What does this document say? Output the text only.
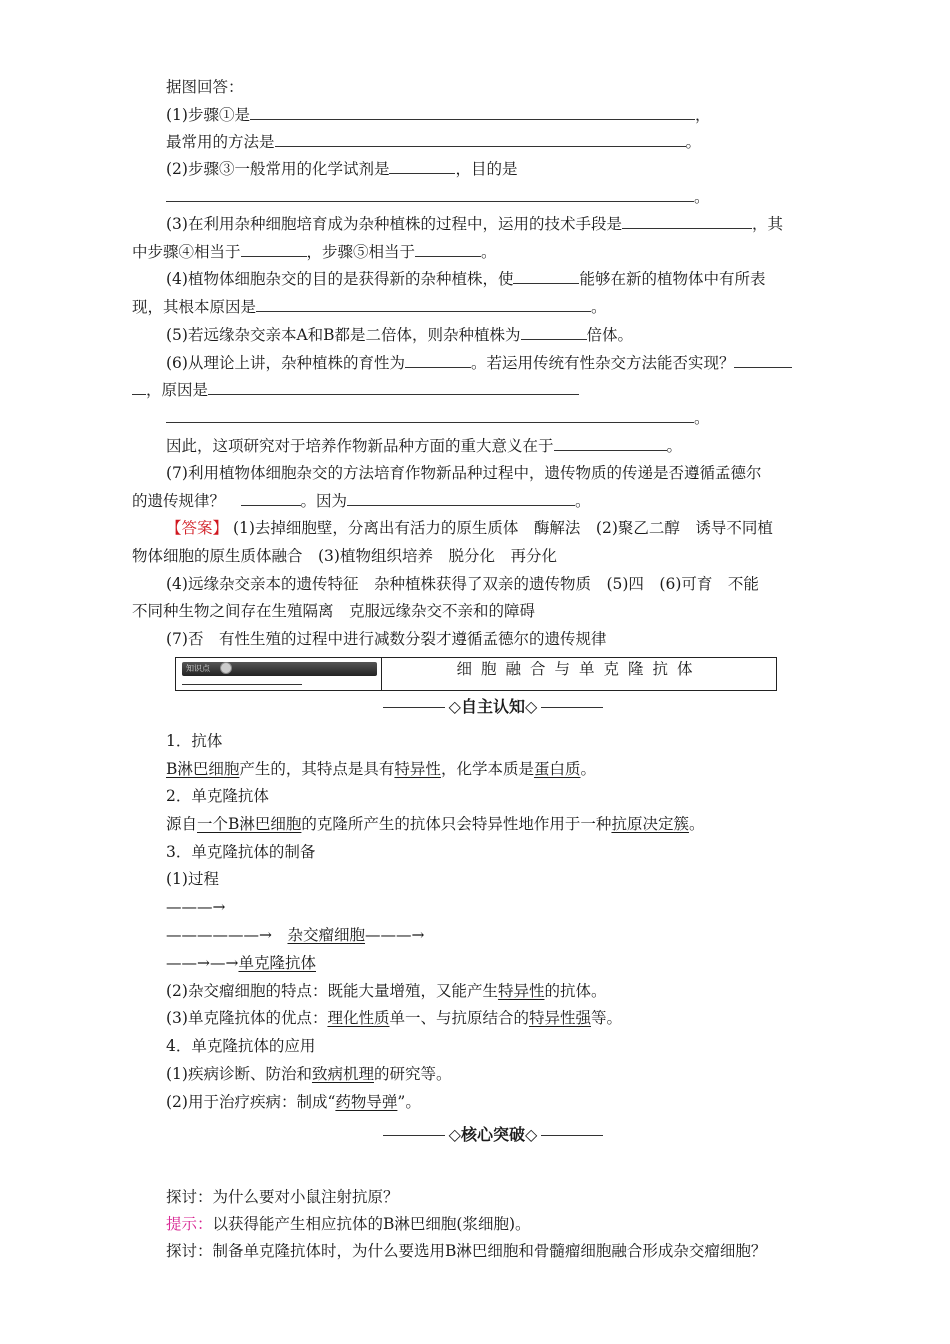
据图回答：
(1)步骤①是	，
最常用的方法是	。
(2)步骤③一般常用的化学试剂是	，目的是
。
(3)在利用杂种细胞培育成为杂种植株的过程中，运用的技术手段是	，其
中步骤④相当于	，步骤⑤相当于	。
(4)植物体细胞杂交的目的是获得新的杂种植株，使	能够在新的植物体中有所表
现，其根本原因是	。
(5)若远缘杂交亲本A和B都是二倍体，则杂种植株为	倍体。
(6)从理论上讲，杂种植株的育性为	。若运用传统有性杂交方法能否实现？
，原因是
。
因此，这项研究对于培养作物新品种方面的重大意义在于	。
(7)利用植物体细胞杂交的方法培育作物新品种过程中，遗传物质的传递是否遵循孟德尔
的遗传规律？　	。因为	。
【答案】 (1)去掉细胞壁，分离出有活力的原生质体　酶解法　(2)聚乙二醇　诱导不同植
物体细胞的原生质体融合　(3)植物组织培养　脱分化　再分化
(4)远缘杂交亲本的遗传特征　杂种植株获得了双亲的遗传物质　(5)四　(6)可育　不能
不同种生物之间存在生殖隔离　克服远缘杂交不亲和的障碍
(7)否　有性生殖的过程中进行减数分裂才遵循孟德尔的遗传规律
知识点	细胞融合与单克隆抗体
◇自主认知◇
1．抗体
B淋巴细胞产生的，其特点是具有特异性，化学本质是蛋白质。
2．单克隆抗体
源自一个B淋巴细胞的克隆所产生的抗体只会特异性地作用于一种抗原决定簇。
3．单克隆抗体的制备
(1)过程
———→
——————→　杂交瘤细胞———→
——→—→单克隆抗体
(2)杂交瘤细胞的特点：既能大量增殖，又能产生特异性的抗体。
(3)单克隆抗体的优点：理化性质单一、与抗原结合的特异性强等。
4．单克隆抗体的应用
(1)疾病诊断、防治和致病机理的研究等。
(2)用于治疗疾病：制成“药物导弹”。
◇核心突破◇
探讨：为什么要对小鼠注射抗原？
提示：以获得能产生相应抗体的B淋巴细胞(浆细胞)。
探讨：制备单克隆抗体时，为什么要选用B淋巴细胞和骨髓瘤细胞融合形成杂交瘤细胞？
